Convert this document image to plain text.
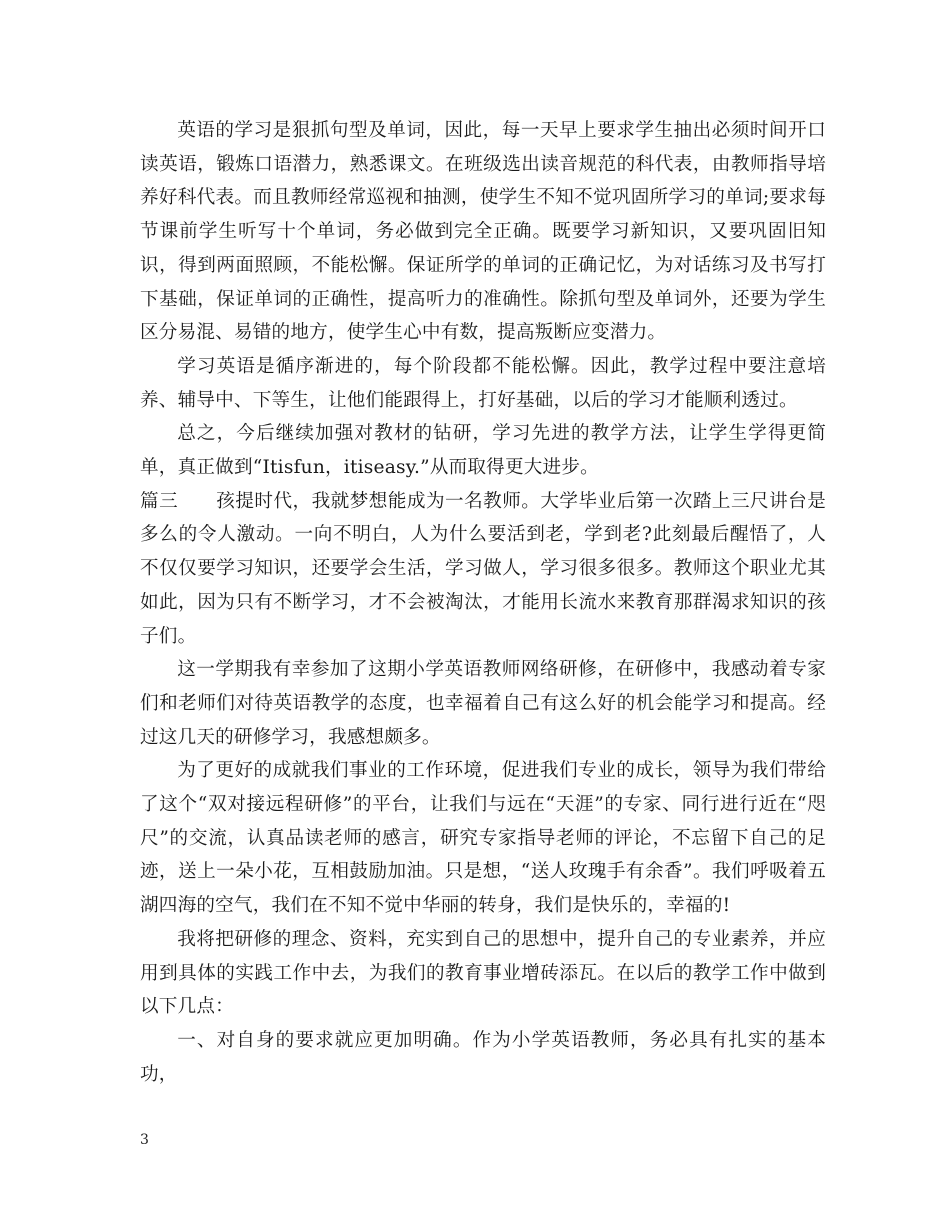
英语的学习是狠抓句型及单词，因此，每一天早上要求学生抽出必须时间开口读英语，锻炼口语潜力，熟悉课文。在班级选出读音规范的科代表，由教师指导培养好科代表。而且教师经常巡视和抽测，使学生不知不觉巩固所学习的单词;要求每节课前学生听写十个单词，务必做到完全正确。既要学习新知识，又要巩固旧知识，得到两面照顾，不能松懈。保证所学的单词的正确记忆，为对话练习及书写打下基础，保证单词的正确性，提高听力的准确性。除抓句型及单词外，还要为学生区分易混、易错的地方，使学生心中有数，提高叛断应变潜力。

学习英语是循序渐进的，每个阶段都不能松懈。因此，教学过程中要注意培养、辅导中、下等生，让他们能跟得上，打好基础，以后的学习才能顺利透过。

总之，今后继续加强对教材的钻研，学习先进的教学方法，让学生学得更简单，真正做到“Itisfun，itiseasy.”从而取得更大进步。

篇三　　孩提时代，我就梦想能成为一名教师。大学毕业后第一次踏上三尺讲台是多么的令人激动。一向不明白，人为什么要活到老，学到老?此刻最后醒悟了，人不仅仅要学习知识，还要学会生活，学习做人，学习很多很多。教师这个职业尤其如此，因为只有不断学习，才不会被淘汰，才能用长流水来教育那群渴求知识的孩子们。

这一学期我有幸参加了这期小学英语教师网络研修，在研修中，我感动着专家们和老师们对待英语教学的态度，也幸福着自己有这么好的机会能学习和提高。经过这几天的研修学习，我感想颇多。

为了更好的成就我们事业的工作环境，促进我们专业的成长，领导为我们带给了这个“双对接远程研修”的平台，让我们与远在“天涯”的专家、同行进行近在“咫尺”的交流，认真品读老师的感言，研究专家指导老师的评论，不忘留下自己的足迹，送上一朵小花，互相鼓励加油。只是想，“送人玫瑰手有余香”。我们呼吸着五湖四海的空气，我们在不知不觉中华丽的转身，我们是快乐的，幸福的!

我将把研修的理念、资料，充实到自己的思想中，提升自己的专业素养，并应用到具体的实践工作中去，为我们的教育事业增砖添瓦。在以后的教学工作中做到以下几点：

一、对自身的要求就应更加明确。作为小学英语教师，务必具有扎实的基本功，

3
